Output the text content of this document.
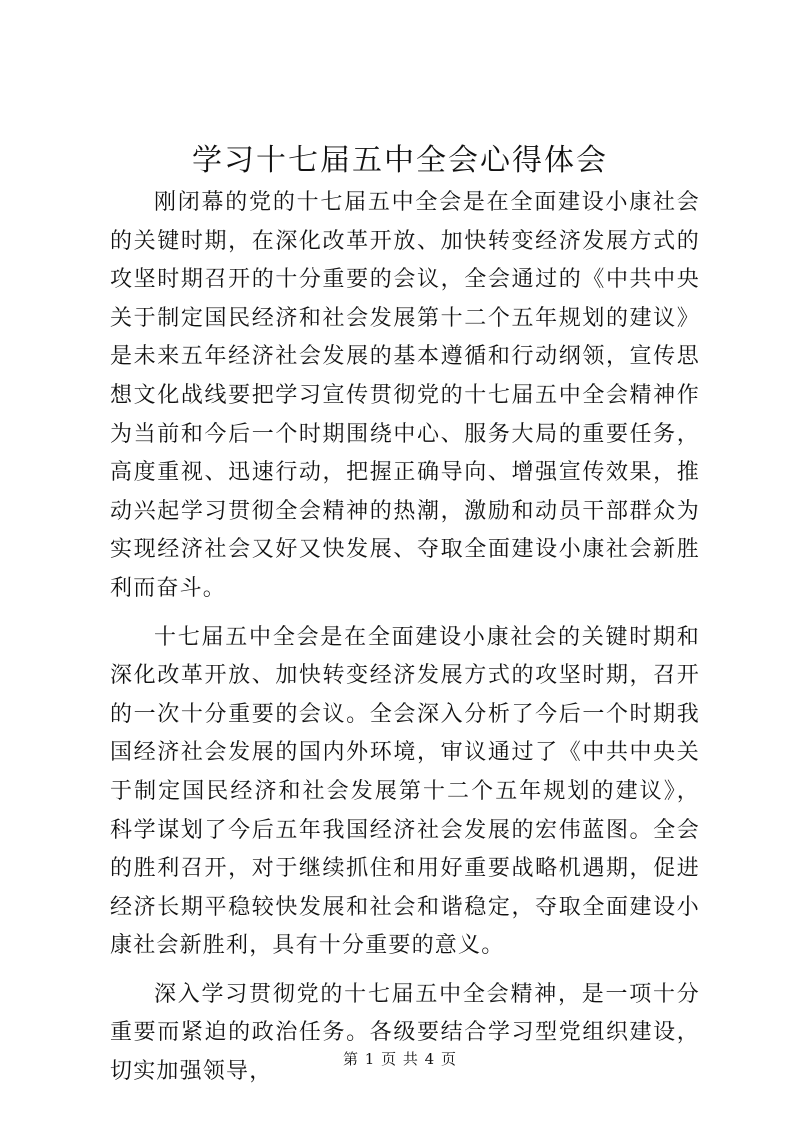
学习十七届五中全会心得体会

刚闭幕的党的十七届五中全会是在全面建设小康社会的关键时期，在深化改革开放、加快转变经济发展方式的攻坚时期召开的十分重要的会议，全会通过的《中共中央关于制定国民经济和社会发展第十二个五年规划的建议》是未来五年经济社会发展的基本遵循和行动纲领，宣传思想文化战线要把学习宣传贯彻党的十七届五中全会精神作为当前和今后一个时期围绕中心、服务大局的重要任务，高度重视、迅速行动，把握正确导向、增强宣传效果，推动兴起学习贯彻全会精神的热潮，激励和动员干部群众为实现经济社会又好又快发展、夺取全面建设小康社会新胜利而奋斗。

十七届五中全会是在全面建设小康社会的关键时期和深化改革开放、加快转变经济发展方式的攻坚时期，召开的一次十分重要的会议。全会深入分析了今后一个时期我国经济社会发展的国内外环境，审议通过了《中共中央关于制定国民经济和社会发展第十二个五年规划的建议》，科学谋划了今后五年我国经济社会发展的宏伟蓝图。全会的胜利召开，对于继续抓住和用好重要战略机遇期，促进经济长期平稳较快发展和社会和谐稳定，夺取全面建设小康社会新胜利，具有十分重要的意义。

深入学习贯彻党的十七届五中全会精神，是一项十分重要而紧迫的政治任务。各级要结合学习型党组织建设，切实加强领导，

第 1 页 共 4 页
